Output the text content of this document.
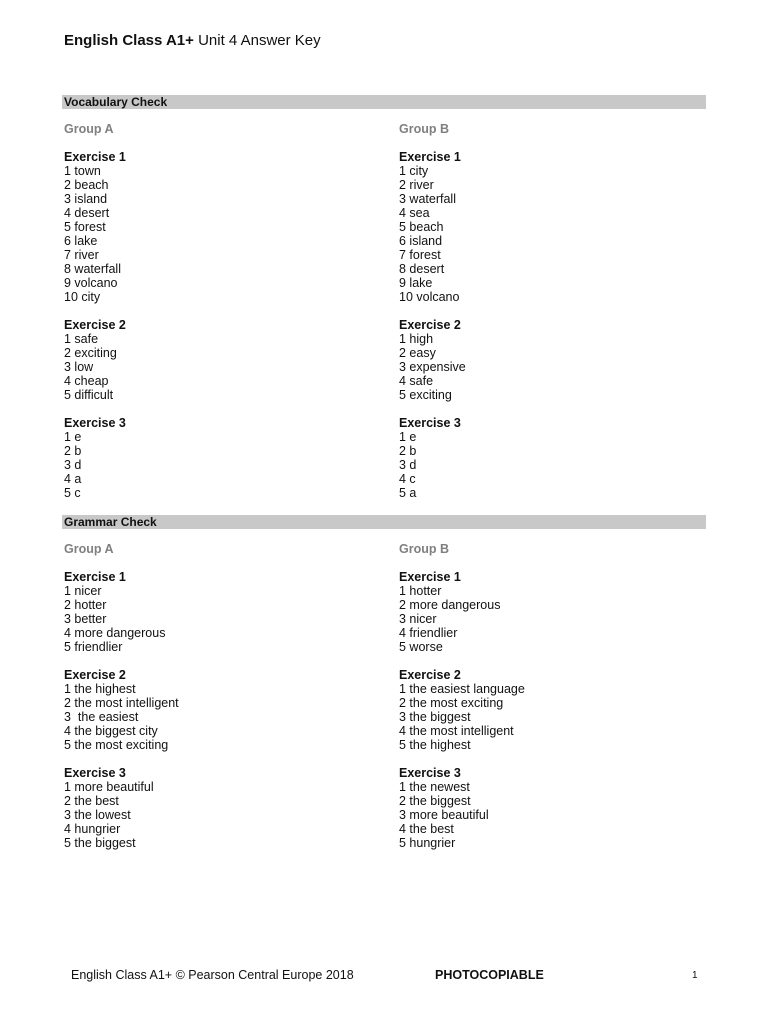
English Class A1+ Unit 4 Answer Key
Vocabulary Check
Group A
Exercise 1
1 town
2 beach
3 island
4 desert
5 forest
6 lake
7 river
8 waterfall
9 volcano
10 city
Exercise 2
1 safe
2 exciting
3 low
4 cheap
5 difficult
Exercise 3
1 e
2 b
3 d
4 a
5 c
Group B
Exercise 1
1 city
2 river
3 waterfall
4 sea
5 beach
6 island
7 forest
8 desert
9 lake
10 volcano
Exercise 2
1 high
2 easy
3 expensive
4 safe
5 exciting
Exercise 3
1 e
2 b
3 d
4 c
5 a
Grammar Check
Group A
Exercise 1
1 nicer
2 hotter
3 better
4 more dangerous
5 friendlier
Exercise 2
1 the highest
2 the most intelligent
3  the easiest
4 the biggest city
5 the most exciting
Exercise 3
1 more beautiful
2 the best
3 the lowest
4 hungrier
5 the biggest
Group B
Exercise 1
1 hotter
2 more dangerous
3 nicer
4 friendlier
5 worse
Exercise 2
1 the easiest language
2 the most exciting
3 the biggest
4 the most intelligent
5 the highest
Exercise 3
1 the newest
2 the biggest
3 more beautiful
4 the best
5 hungrier
English Class A1+ © Pearson Central Europe 2018	PHOTOCOPIABLE	1
